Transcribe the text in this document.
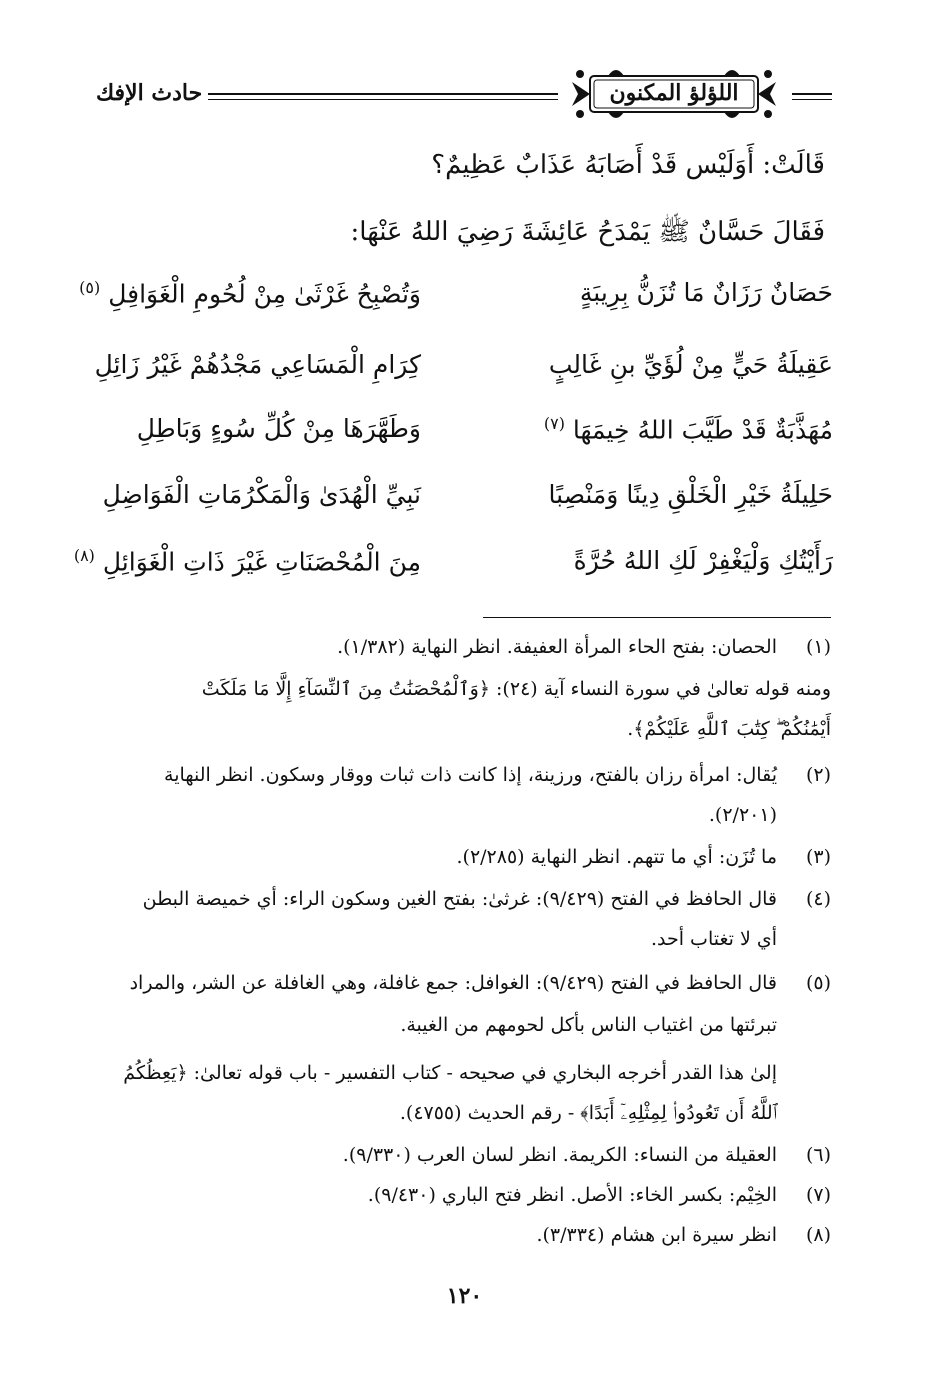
حادث الإفك	اللؤلؤ المكنون
قَالَتْ: أَوَلَيْس قَدْ أَصَابَهُ عَذَابٌ عَظِيمٌ؟
فَقَالَ حَسَّانٌ ﷺ يَمْدَحُ عَائِشَةَ رَضِيَ اللهُ عَنْهَا:
حَصَانٌ رَزَانٌ مَا تُزَنُّ بِرِيبَةٍ
وَتُصْبِحُ غَرْثَىٰ مِنْ لُحُومِ الْغَوَافِلِ $^{(٥)}$
عَقِيلَةُ حَيٍّ مِنْ لُؤَيِّ بنِ غَالِبٍ
كِرَامِ الْمَسَاعِي مَجْدُهُمْ غَيْرُ زَائِلِ
مُهَذَّبَةٌ قَدْ طَيَّبَ اللهُ خِيمَهَا $^{(٧)}$
وَطَهَّرَهَا مِنْ كُلِّ سُوءٍ وَبَاطِلِ
حَلِيلَةُ خَيْرِ الْخَلْقِ دِينًا وَمَنْصِبًا
نَبِيِّ الْهُدَىٰ وَالْمَكْرُمَاتِ الْفَوَاضِلِ
رَأَيْتُكِ وَلْيَغْفِرْ لَكِ اللهُ حُرَّةً
مِنَ الْمُحْصَنَاتِ غَيْرَ ذَاتِ الْغَوَائِلِ $^{(٨)}$
(١)
الحصان: بفتح الحاء المرأة العفيفة. انظر النهاية (١/٣٨٢).
ومنه قوله تعالىٰ في سورة النساء آية (٢٤): ﴿وَٱلْمُحْصَنَٰتُ مِنَ ٱلنِّسَآءِ إِلَّا مَا مَلَكَتْ
أَيْمَٰنُكُمْ ۖ كِتَٰبَ ٱللَّهِ عَلَيْكُمْ﴾.
(٢)
يُقال: امرأة رزان بالفتح، ورزينة، إذا كانت ذات ثبات ووقار وسكون. انظر النهاية
(٢/٢٠١).
(٣)
ما تُزَن: أي ما تتهم. انظر النهاية (٢/٢٨٥).
(٤)
قال الحافظ في الفتح (٩/٤٢٩): غرثىٰ: بفتح الغين وسكون الراء: أي خميصة البطن
أي لا تغتاب أحد.
(٥)
قال الحافظ في الفتح (٩/٤٢٩): الغوافل: جمع غافلة، وهي الغافلة عن الشر، والمراد
تبرئتها من اغتياب الناس بأكل لحومهم من الغيبة.
إلىٰ هذا القدر أخرجه البخاري في صحيحه - كتاب التفسير - باب قوله تعالىٰ: ﴿يَعِظُكُمُ
ٱللَّهُ أَن تَعُودُوا۟ لِمِثْلِهِۦٓ أَبَدًا﴾ - رقم الحديث (٤٧٥٥).
(٦)
العقيلة من النساء: الكريمة. انظر لسان العرب (٩/٣٣٠).
(٧)
الخِيْم: بكسر الخاء: الأصل. انظر فتح الباري (٩/٤٣٠).
(٨)
انظر سيرة ابن هشام (٣/٣٣٤).
١٢٠
